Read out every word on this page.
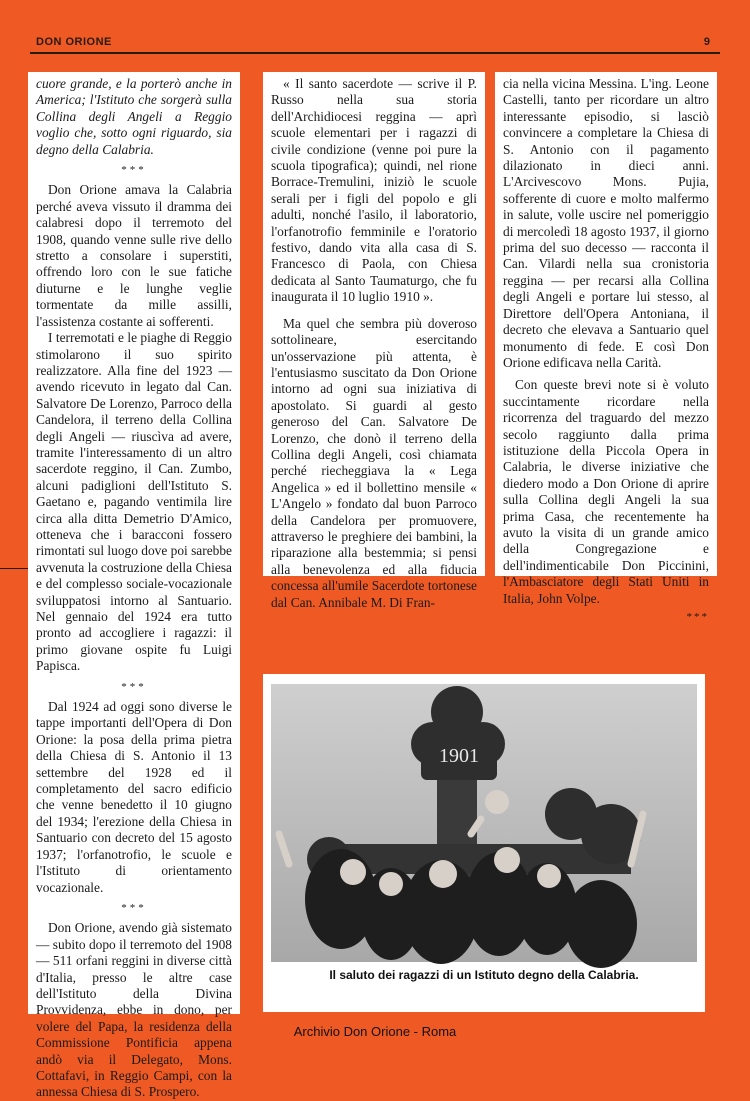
DON ORIONE	9

cuore grande, e la porterò anche in America; l'Istituto che sorgerà sulla Collina degli Angeli a Reggio voglio che, sotto ogni riguardo, sia degno della Calabria.

***

Don Orione amava la Calabria perché aveva vissuto il dramma dei calabresi dopo il terremoto del 1908, quando venne sulle rive dello stretto a consolare i superstiti, offrendo loro con le sue fatiche diuturne e le lunghe veglie tormentate da mille assilli, l'assistenza costante ai sofferenti.

I terremotati e le piaghe di Reggio stimolarono il suo spirito realizzatore. Alla fine del 1923 — avendo ricevuto in legato dal Can. Salvatore De Lorenzo, Parroco della Candelora, il terreno della Collina degli Angeli — riuscìva ad avere, tramite l'interessamento di un altro sacerdote reggino, il Can. Zumbo, alcuni padiglioni dell'Istituto S. Gaetano e, pagando ventimila lire circa alla ditta Demetrio D'Amico, otteneva che i baracconi fossero rimontati sul luogo dove poi sarebbe avvenuta la costruzione della Chiesa e del complesso sociale-vocazionale sviluppatosi intorno al Santuario. Nel gennaio del 1924 era tutto pronto ad accogliere i ragazzi: il primo giovane ospite fu Luigi Papisca.

***

Dal 1924 ad oggi sono diverse le tappe importanti dell'Opera di Don Orione: la posa della prima pietra della Chiesa di S. Antonio il 13 settembre del 1928 ed il completamento del sacro edificio che venne benedetto il 10 giugno del 1934; l'erezione della Chiesa in Santuario con decreto del 15 agosto 1937; l'orfanotrofio, le scuole e l'Istituto di orientamento vocazionale.

***

Don Orione, avendo già sistemato — subito dopo il terremoto del 1908 — 511 orfani reggini in diverse città d'Italia, presso le altre case dell'Istituto della Divina Provvidenza, ebbe in dono, per volere del Papa, la residenza della Commissione Pontificia appena andò via il Delegato, Mons. Cottafavi, in Reggio Campi, con la annessa Chiesa di S. Prospero.

« Il santo sacerdote — scrive il P. Russo nella sua storia dell'Archidiocesi reggina — aprì scuole elementari per i ragazzi di civile condizione (venne poi pure la scuola tipografica); quindi, nel rione Borrace-Tremulini, iniziò le scuole serali per i figli del popolo e gli adulti, nonché l'asilo, il laboratorio, l'orfanotrofio femminile e l'oratorio festivo, dando vita alla casa di S. Francesco di Paola, con Chiesa dedicata al Santo Taumaturgo, che fu inaugurata il 10 luglio 1910 ».

Ma quel che sembra più doveroso sottolineare, esercitando un'osservazione più attenta, è l'entusiasmo suscitato da Don Orione intorno ad ogni sua iniziativa di apostolato. Si guardi al gesto generoso del Can. Salvatore De Lorenzo, che donò il terreno della Collina degli Angeli, così chiamata perché riecheggiava la « Lega Angelica » ed il bollettino mensile « L'Angelo » fondato dal buon Parroco della Candelora per promuovere, attraverso le preghiere dei bambini, la riparazione alla bestemmia; si pensi alla benevolenza ed alla fiducia concessa all'umile Sacerdote tortonese dal Can. Annibale M. Di Fran-

cia nella vicina Messina. L'ing. Leone Castelli, tanto per ricordare un altro interessante episodio, si lasciò convincere a completare la Chiesa di S. Antonio con il pagamento dilazionato in dieci anni. L'Arcivescovo Mons. Pujia, sofferente di cuore e molto malfermo in salute, volle uscire nel pomeriggio di mercoledì 18 agosto 1937, il giorno prima del suo decesso — racconta il Can. Vilardi nella sua cronistoria reggina — per recarsi alla Collina degli Angeli e portare lui stesso, al Direttore dell'Opera Antoniana, il decreto che elevava a Santuario quel monumento di fede. E così Don Orione edificava nella Carità.

Con queste brevi note si è voluto succintamente ricordare nella ricorrenza del traguardo del mezzo secolo raggiunto dalla prima istituzione della Piccola Opera in Calabria, le diverse iniziative che diedero modo a Don Orione di aprire sulla Collina degli Angeli la sua prima Casa, che recentemente ha avuto la visita di un grande amico della Congregazione e dell'indimenticabile Don Piccinini, l'Ambasciatore degli Stati Uniti in Italia, John Volpe.

***
1901
Il saluto dei ragazzi di un Istituto degno della Calabria.
Archivio Don Orione - Roma
